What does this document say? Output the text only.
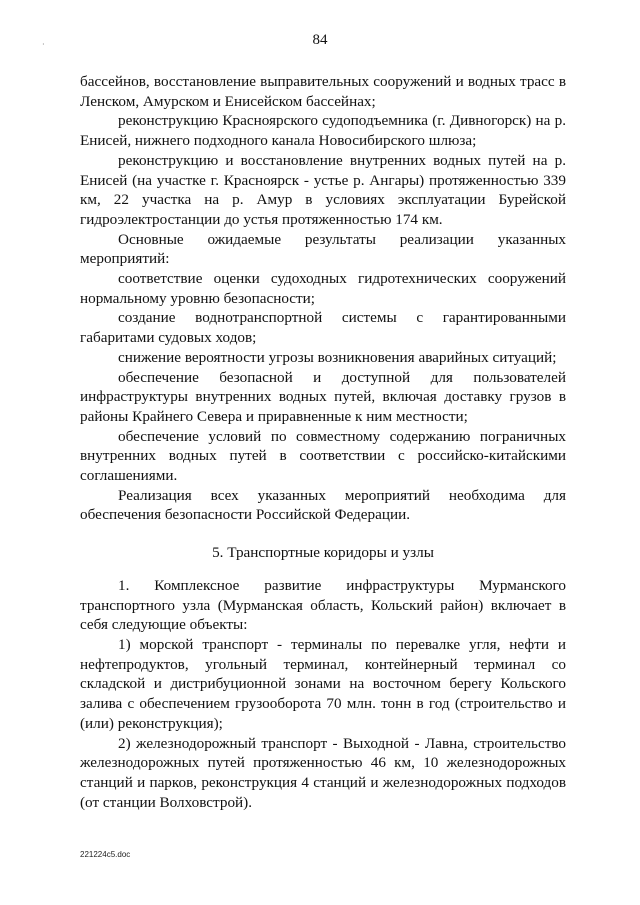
·	84

бассейнов, восстановление выправительных сооружений и водных трасс в Ленском, Амурском и Енисейском бассейнах;

реконструкцию Красноярского судоподъемника (г. Дивногорск) на р. Енисей, нижнего подходного канала Новосибирского шлюза;

реконструкцию и восстановление внутренних водных путей на р. Енисей (на участке г. Красноярск - устье р. Ангары) протяженностью 339 км, 22 участка на р. Амур в условиях эксплуатации Бурейской гидроэлектростанции до устья протяженностью 174 км.

Основные ожидаемые результаты реализации указанных мероприятий:

соответствие оценки судоходных гидротехнических сооружений нормальному уровню безопасности;

создание воднотранспортной системы с гарантированными габаритами судовых ходов;

снижение вероятности угрозы возникновения аварийных ситуаций;

обеспечение безопасной и доступной для пользователей инфраструктуры внутренних водных путей, включая доставку грузов в районы Крайнего Севера и приравненные к ним местности;

обеспечение условий по совместному содержанию пограничных внутренних водных путей в соответствии с российско-китайскими соглашениями.

Реализация всех указанных мероприятий необходима для обеспечения безопасности Российской Федерации.

5. Транспортные коридоры и узлы

1. Комплексное развитие инфраструктуры Мурманского транспортного узла (Мурманская область, Кольский район) включает в себя следующие объекты:

1) морской транспорт - терминалы по перевалке угля, нефти и нефтепродуктов, угольный терминал, контейнерный терминал со складской и дистрибуционной зонами на восточном берегу Кольского залива с обеспечением грузооборота 70 млн. тонн в год (строительство и (или) реконструкция);

2) железнодорожный транспорт - Выходной - Лавна, строительство железнодорожных путей протяженностью 46 км, 10 железнодорожных станций и парков, реконструкция 4 станций и железнодорожных подходов (от станции Волховстрой).

221224c5.doc
